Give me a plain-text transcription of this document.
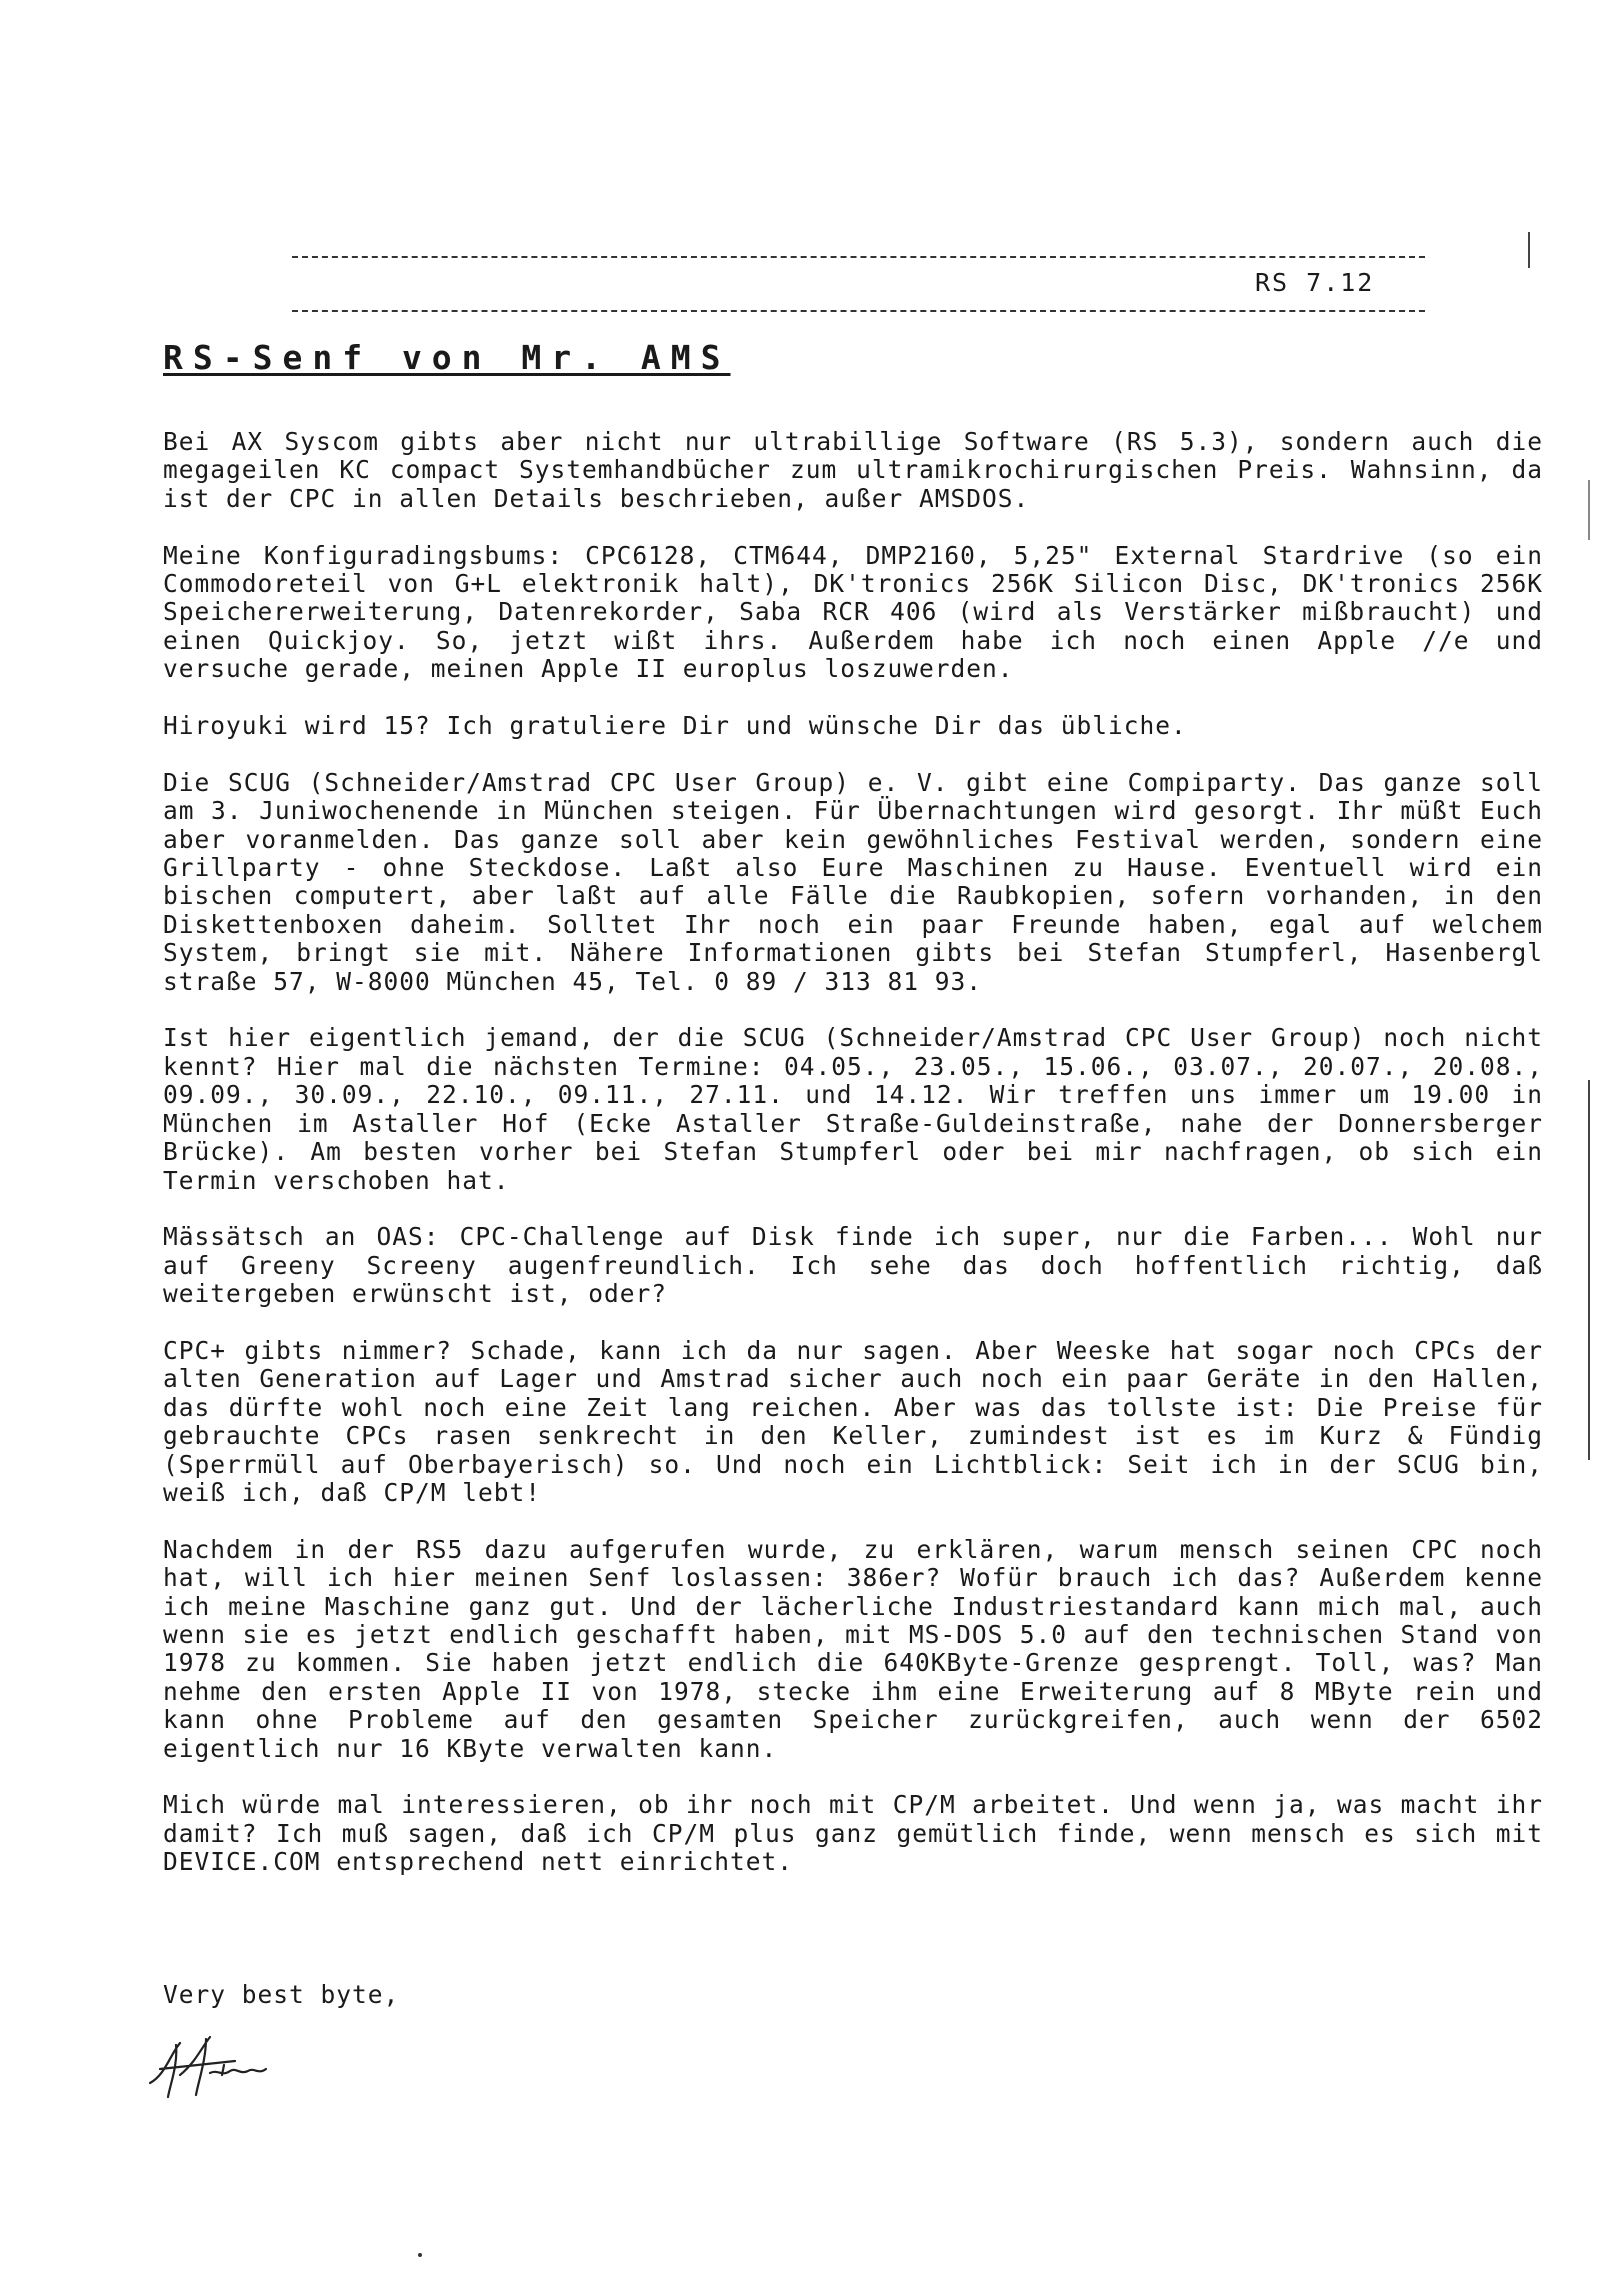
RS 7.12
RS-Senf von Mr. AMS

Bei AX Syscom gibts aber nicht nur ultrabillige Software (RS 5.3), sondern auch die megageilen KC compact Systemhandbücher zum ultramikrochirurgischen Preis. Wahnsinn, da ist der CPC in allen Details beschrieben, außer AMSDOS.

Meine Konfiguradingsbums: CPC6128, CTM644, DMP2160, 5,25" External Stardrive (so ein Commodoreteil von G+L elektronik halt), DK'tronics 256K Silicon Disc, DK'tronics 256K Speichererweiterung, Datenrekorder, Saba RCR 406 (wird als Verstärker mißbraucht) und einen Quickjoy. So, jetzt wißt ihrs. Außerdem habe ich noch einen Apple //e und versuche gerade, meinen Apple II europlus loszuwerden.

Hiroyuki wird 15? Ich gratuliere Dir und wünsche Dir das übliche.

Die SCUG (Schneider/Amstrad CPC User Group) e. V. gibt eine Compiparty. Das ganze soll am 3. Juniwochenende in München steigen. Für Übernachtungen wird gesorgt. Ihr müßt Euch aber voranmelden. Das ganze soll aber kein gewöhnliches Festival werden, sondern eine Grillparty - ohne Steckdose. Laßt also Eure Maschinen zu Hause. Eventuell wird ein bischen computert, aber laßt auf alle Fälle die Raubkopien, sofern vorhanden, in den Diskettenboxen daheim. Solltet Ihr noch ein paar Freunde haben, egal auf welchem System, bringt sie mit. Nähere Informationen gibts bei Stefan Stumpferl, Hasenbergl straße 57, W-8000 München 45, Tel. 0 89 / 313 81 93.

Ist hier eigentlich jemand, der die SCUG (Schneider/Amstrad CPC User Group) noch nicht kennt? Hier mal die nächsten Termine: 04.05., 23.05., 15.06., 03.07., 20.07., 20.08., 09.09., 30.09., 22.10., 09.11., 27.11. und 14.12. Wir treffen uns immer um 19.00 in München im Astaller Hof (Ecke Astaller Straße-Guldeinstraße, nahe der Donnersberger Brücke). Am besten vorher bei Stefan Stumpferl oder bei mir nachfragen, ob sich ein Termin verschoben hat.

Mässätsch an OAS: CPC-Challenge auf Disk finde ich super, nur die Farben... Wohl nur auf Greeny Screeny augenfreundlich. Ich sehe das doch hoffentlich richtig, daß weitergeben erwünscht ist, oder?

CPC+ gibts nimmer? Schade, kann ich da nur sagen. Aber Weeske hat sogar noch CPCs der alten Generation auf Lager und Amstrad sicher auch noch ein paar Geräte in den Hallen, das dürfte wohl noch eine Zeit lang reichen. Aber was das tollste ist: Die Preise für gebrauchte CPCs rasen senkrecht in den Keller, zumindest ist es im Kurz & Fündig (Sperrmüll auf Oberbayerisch) so. Und noch ein Lichtblick: Seit ich in der SCUG bin, weiß ich, daß CP/M lebt!

Nachdem in der RS5 dazu aufgerufen wurde, zu erklären, warum mensch seinen CPC noch hat, will ich hier meinen Senf loslassen: 386er? Wofür brauch ich das? Außerdem kenne ich meine Maschine ganz gut. Und der lächerliche Industriestandard kann mich mal, auch wenn sie es jetzt endlich geschafft haben, mit MS-DOS 5.0 auf den technischen Stand von 1978 zu kommen. Sie haben jetzt endlich die 640KByte-Grenze gesprengt. Toll, was? Man nehme den ersten Apple II von 1978, stecke ihm eine Erweiterung auf 8 MByte rein und kann ohne Probleme auf den gesamten Speicher zurückgreifen, auch wenn der 6502 eigentlich nur 16 KByte verwalten kann.

Mich würde mal interessieren, ob ihr noch mit CP/M arbeitet. Und wenn ja, was macht ihr damit? Ich muß sagen, daß ich CP/M plus ganz gemütlich finde, wenn mensch es sich mit DEVICE.COM entsprechend nett einrichtet.

Very best byte,
